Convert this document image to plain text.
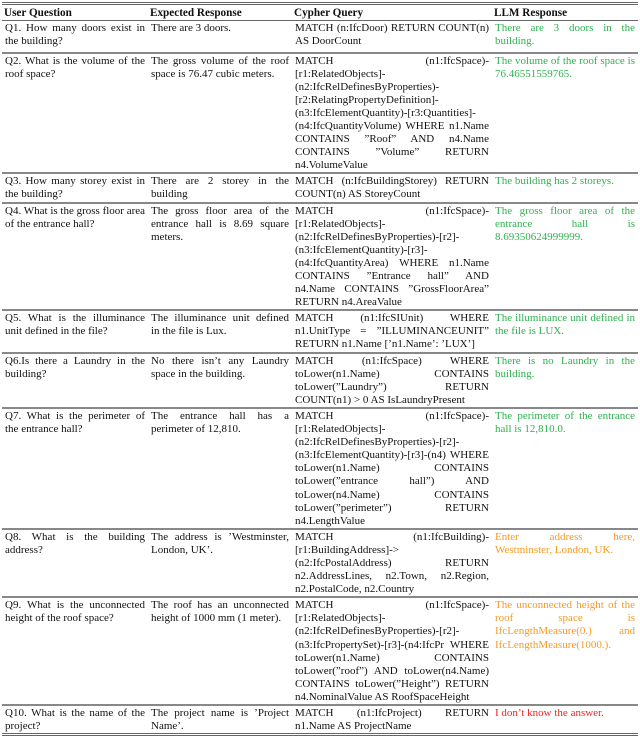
User Question	Expected Response	Cypher Query	LLM Response
Q1. How many doors exist in the building?	There are 3 doors.	MATCH (n:IfcDoor) RETURN COUNT(n) AS DoorCount	There are 3 doors in the building.
Q2. What is the volume of the roof space?	The gross volume of the roof space is 76.47 cubic meters.	MATCH (n1:IfcSpace)-[r1:RelatedObjects]-(n2:IfcRelDefinesByProperties)-[r2:RelatingPropertyDefinition]-(n3:IfcElementQuantity)-[r3:Quantities]-(n4:IfcQuantityVolume) WHERE n1.Name CONTAINS ”Roof” AND n4.Name CONTAINS ”Volume” RETURN n4.VolumeValue	The volume of the roof space is 76.46551559765.
Q3. How many storey exist in the building?	There are 2 storey in the building	MATCH (n:IfcBuildingStorey) RETURN COUNT(n) AS StoreyCount	The building has 2 storeys.
Q4. What is the gross floor area of the entrance hall?	The gross floor area of the entrance hall is 8.69 square meters.	MATCH (n1:IfcSpace)-[r1:RelatedObjects]-(n2:IfcRelDefinesByProperties)-[r2]-(n3:IfcElementQuantity)-[r3]-(n4:IfcQuantityArea) WHERE n1.Name CONTAINS ”Entrance hall” AND n4.Name CONTAINS ”GrossFloorArea” RETURN n4.AreaValue	The gross floor area of the entrance hall is 8.69350624999999.
Q5. What is the illuminance unit defined in the file?	The illuminance unit defined in the file is Lux.	MATCH (n1:IfcSIUnit) WHERE n1.UnitType = ”ILLUMINANCEUNIT” RETURN n1.Name [’n1.Name’: ’LUX’]	The illuminance unit defined in the file is LUX.
Q6.Is there a Laundry in the building?	No there isn’t any Laundry space in the building.	MATCH (n1:IfcSpace) WHERE toLower(n1.Name) CONTAINS toLower(”Laundry”) RETURN COUNT(n1) > 0 AS IsLaundryPresent	There is no Laundry in the building.
Q7. What is the perimeter of the entrance hall?	The entrance hall has a perimeter of 12,810.	MATCH (n1:IfcSpace)-[r1:RelatedObjects]-(n2:IfcRelDefinesByProperties)-[r2]-(n3:IfcElementQuantity)-[r3]-(n4) WHERE toLower(n1.Name) CONTAINS toLower(”entrance hall”) AND toLower(n4.Name) CONTAINS toLower(”perimeter”) RETURN n4.LengthValue	The perimeter of the entrance hall is 12,810.0.
Q8. What is the building address?	The address is ’Westminster, London, UK’.	MATCH (n1:IfcBuilding)-[r1:BuildingAddress]->(n2:IfcPostalAddress) RETURN n2.AddressLines, n2.Town, n2.Region, n2.PostalCode, n2.Country	Enter address here, Westminster, London, UK.
Q9. What is the unconnected height of the roof space?	The roof has an unconnected height of 1000 mm (1 meter).	MATCH (n1:IfcSpace)-[r1:RelatedObjects]-(n2:IfcRelDefinesByProperties)-[r2]-(n3:IfcPropertySet)-[r3]-(n4:IfcPr WHERE toLower(n1.Name) CONTAINS toLower(”roof”) AND toLower(n4.Name) CONTAINS toLower(”Height”) RETURN n4.NominalValue AS RoofSpaceHeight	The unconnected height of the roof space is IfcLengthMeasure(0.) and IfcLengthMeasure(1000.).
Q10. What is the name of the project?	The project name is ’Project Name’.	MATCH (n1:IfcProject) RETURN n1.Name AS ProjectName	I don’t know the answer.
